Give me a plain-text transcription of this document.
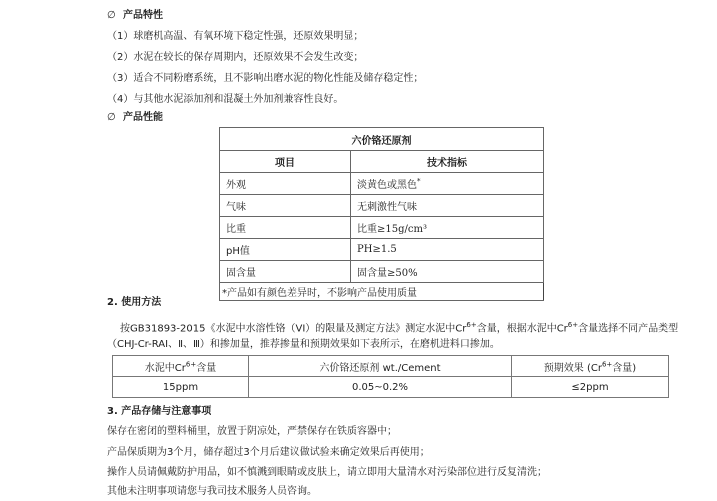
∅ 产品特性
（1）球磨机高温、有氧环境下稳定性强，还原效果明显；
（2）水泥在较长的保存周期内，还原效果不会发生改变；
（3）适合不同粉磨系统，且不影响出磨水泥的物化性能及储存稳定性；
（4）与其他水泥添加剂和混凝土外加剂兼容性良好。
∅ 产品性能
六价铬还原剂	
项目	技术指标
外观	淡黄色或黑色*
气味	无刺激性气味
比重	比重≥15g/cm³
pH值	PH≥1.5
固含量	固含量≥50%
*产品如有颜色差异时，不影响产品使用质量	
2. 使用方法
按GB31893-2015《水泥中水溶性铬（VI）的限量及测定方法》测定水泥中$Cr^{6+}$含量，根据水泥中$Cr^{6+}$含量选择不同产品类型
（CHJ-Cr-RAⅠ、Ⅱ、Ⅲ）和掺加量，推荐掺量和预期效果如下表所示，在磨机进料口掺加。
水泥中$Cr^{6+}$含量	六价铬还原剂 wt./Cement	预期效果 ($Cr^{6+}$含量)
15ppm	0.05~0.2%	≤2ppm
3. 产品存储与注意事项
保存在密闭的塑料桶里，放置于阴凉处，严禁保存在铁质容器中；
产品保质期为3个月，储存超过3个月后建议做试验来确定效果后再使用；
操作人员请佩戴防护用品，如不慎溅到眼睛或皮肤上，请立即用大量清水对污染部位进行反复清洗；
其他未注明事项请您与我司技术服务人员咨询。
